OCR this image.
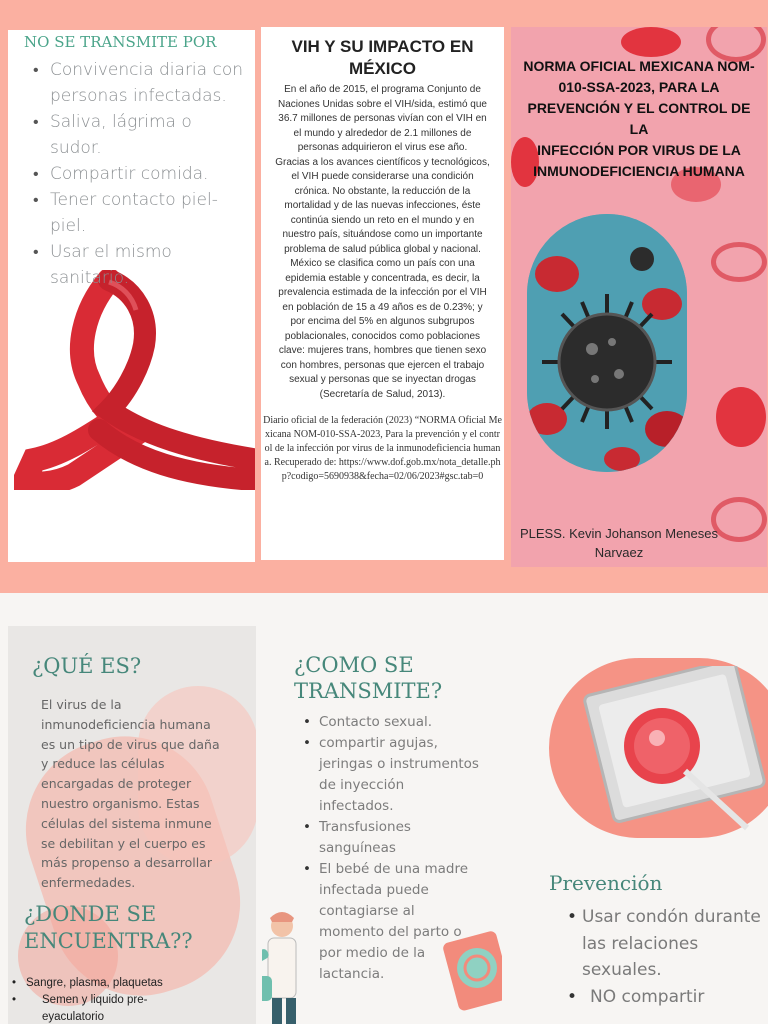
NO SE TRANSMITE POR
• Convivencia diaria con personas infectadas.
• Saliva, lágrima o sudor.
• Compartir comida.
• Tener contacto piel-piel.
• Usar el mismo sanitario.
VIH Y SU IMPACTO EN MÉXICO

En el año de 2015, el programa Conjunto de Naciones Unidas sobre el VIH/sida, estimó que 36.7 millones de personas vivían con el VIH en el mundo y alrededor de 2.1 millones de personas adquirieron el virus ese año.

Gracias a los avances científicos y tecnológicos, el VIH puede considerarse una condición crónica. No obstante, la reducción de la mortalidad y de las nuevas infecciones, éste continúa siendo un reto en el mundo y en nuestro país, situándose como un importante problema de salud pública global y nacional.

México se clasifica como un país con una epidemia estable y concentrada, es decir, la prevalencia estimada de la infección por el VIH en población de 15 a 49 años es de 0.23%; y por encima del 5% en algunos subgrupos poblacionales, conocidos como poblaciones clave: mujeres trans, hombres que tienen sexo con hombres, personas que ejercen el trabajo sexual y personas que se inyectan drogas (Secretaría de Salud, 2013).

Diario oficial de la federación (2023) “NORMA Oficial Mexicana NOM-010-SSA-2023, Para la prevención y el control de la infección por virus de la inmunodeficiencia humana. Recuperado de: https://www.dof.gob.mx/nota_detalle.php?codigo=5690938&fecha=02/06/2023#gsc.tab=0

NORMA OFICIAL MEXICANA NOM-010-SSA-2023, PARA LA PREVENCIÓN Y EL CONTROL DE LA
INFECCIÓN POR VIRUS DE LA INMUNODEFICIENCIA HUMANA
PLESS. Kevin Johanson Meneses Narvaez
¿QUÉ ES?

El virus de la inmunodeficiencia humana es un tipo de virus que daña y reduce las células encargadas de proteger nuestro organismo. Estas células del sistema inmune se debilitan y el cuerpo es más propenso a desarrollar enfermedades.

¿DONDE SE ENCUENTRA??
• Sangre, plasma, plaquetas
• Semen y liquido pre-eyaculatorio
¿COMO SE TRANSMITE?
• Contacto sexual.
• compartir agujas, jeringas o instrumentos de inyección infectados.
• Transfusiones sanguíneas
• El bebé de una madre infectada puede contagiarse al momento del parto o por medio de la lactancia.
Prevención
• Usar condón durante las relaciones sexuales.
• NO compartir
